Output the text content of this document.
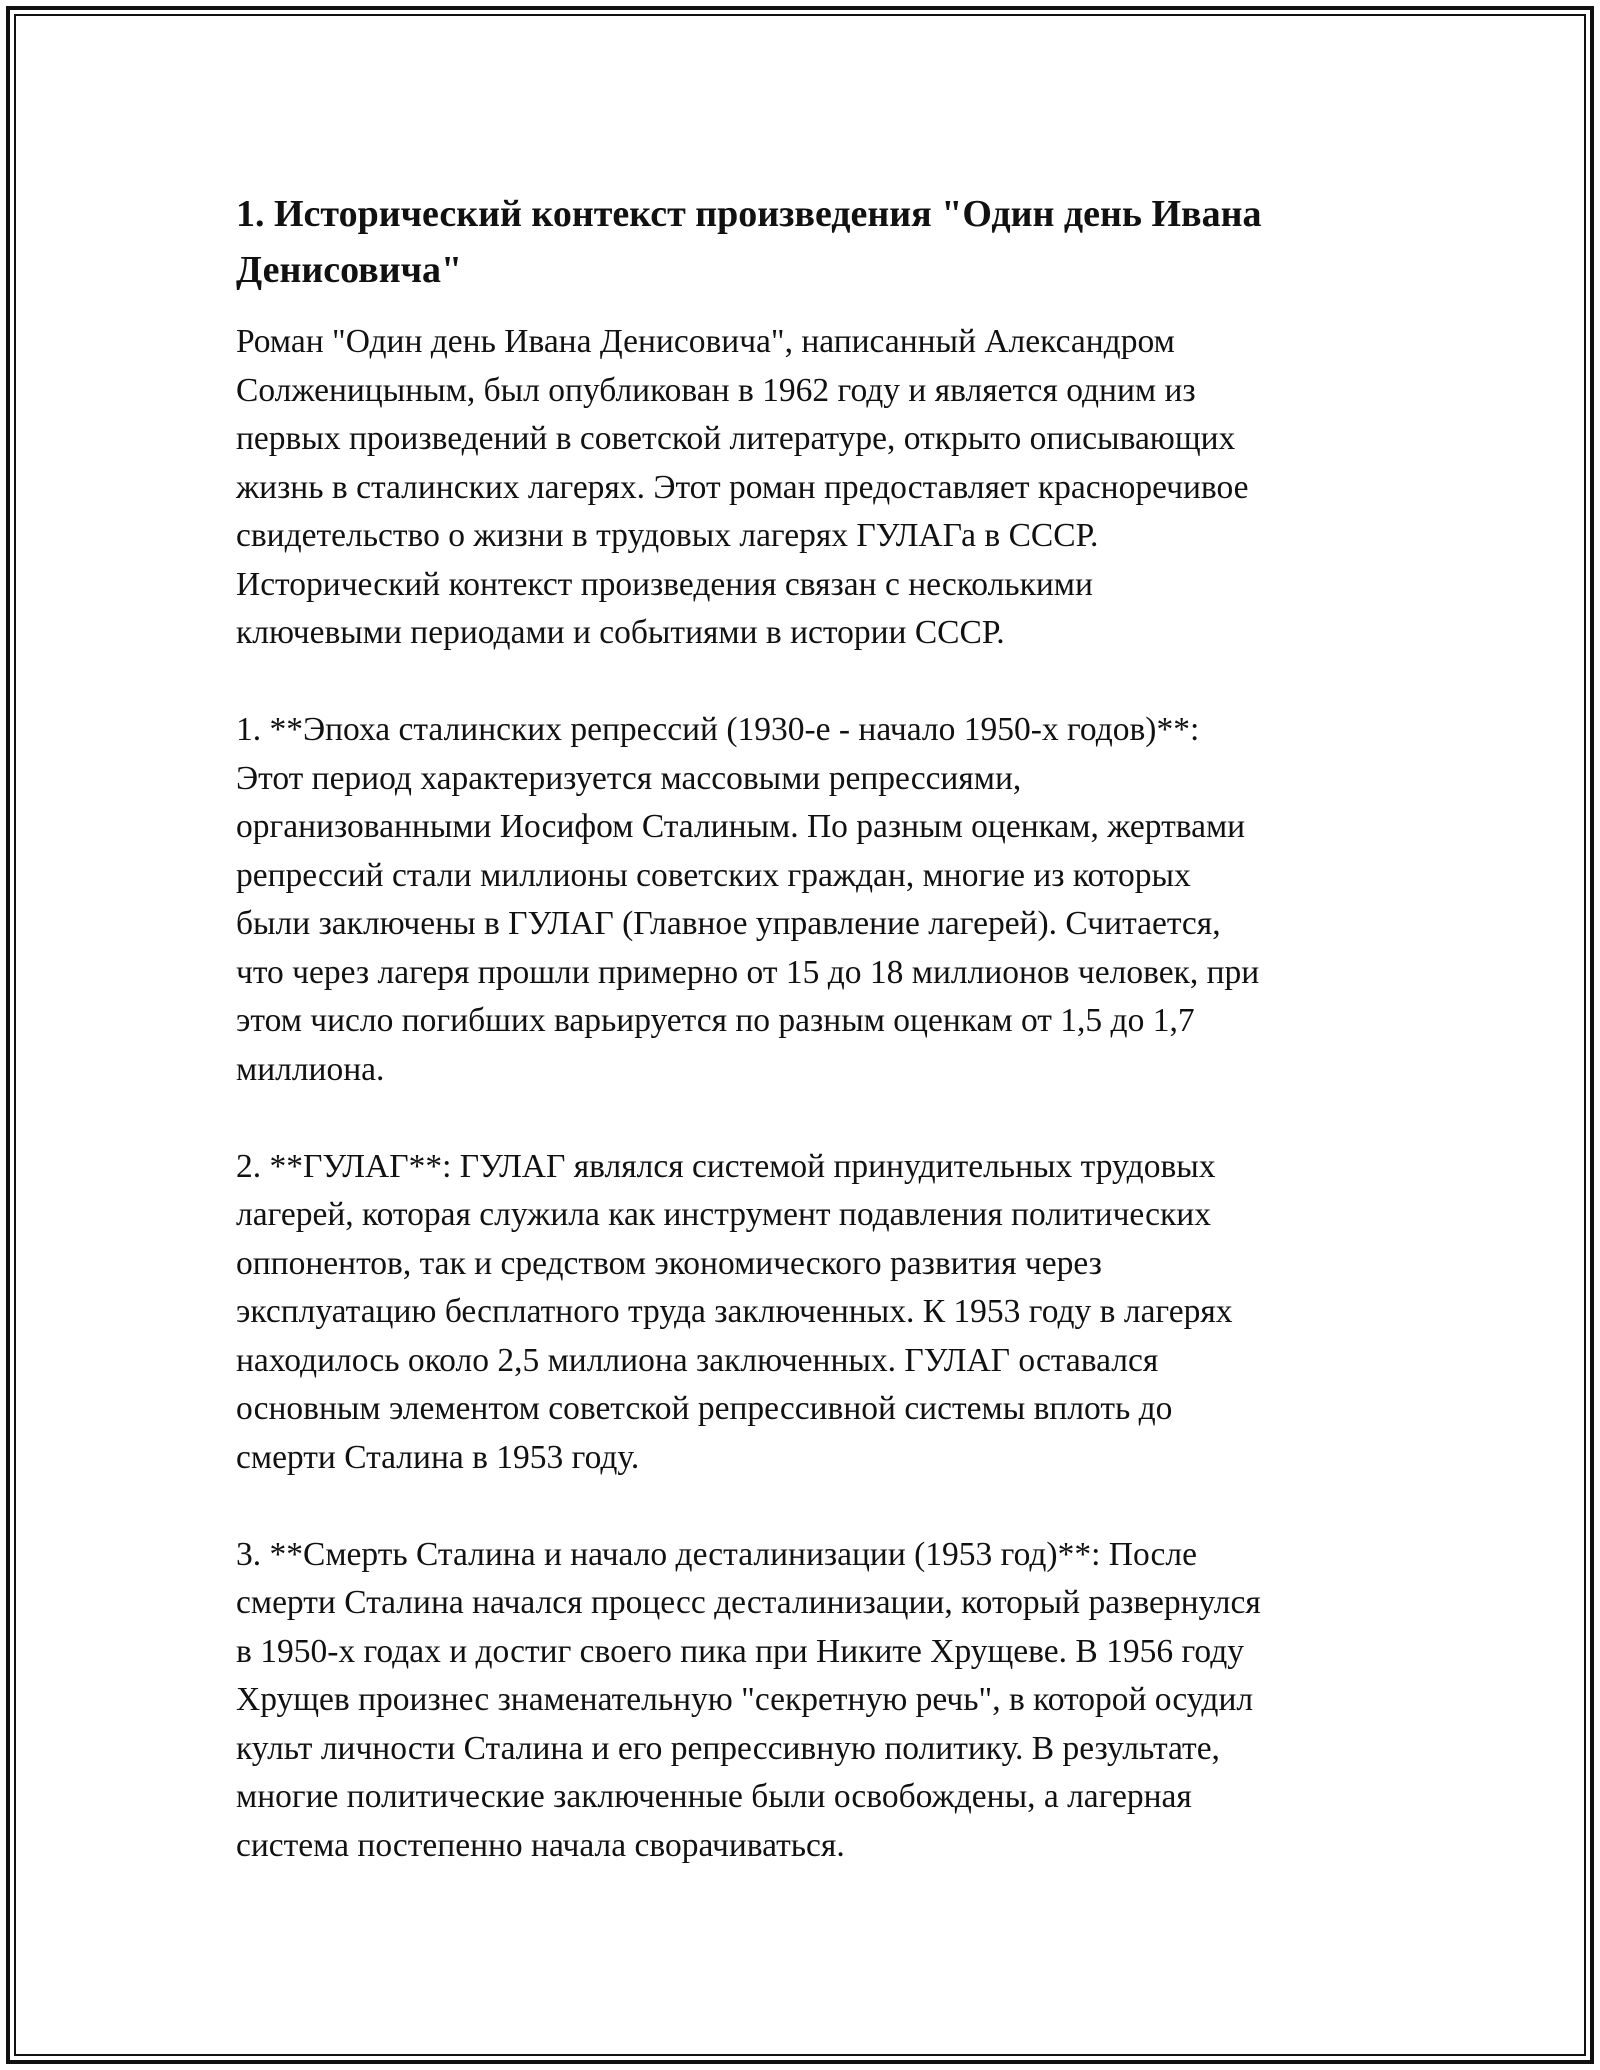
1. Исторический контекст произведения "Один день Ивана Денисовича"

Роман "Один день Ивана Денисовича", написанный Александром
Солженицыным, был опубликован в 1962 году и является одним из
первых произведений в советской литературе, открыто описывающих
жизнь в сталинских лагерях. Этот роман предоставляет красноречивое
свидетельство о жизни в трудовых лагерях ГУЛАГа в СССР.
Исторический контекст произведения связан с несколькими
ключевыми периодами и событиями в истории СССР.

1. **Эпоха сталинских репрессий (1930-е - начало 1950-х годов)**:
Этот период характеризуется массовыми репрессиями,
организованными Иосифом Сталиным. По разным оценкам, жертвами
репрессий стали миллионы советских граждан, многие из которых
были заключены в ГУЛАГ (Главное управление лагерей). Считается,
что через лагеря прошли примерно от 15 до 18 миллионов человек, при
этом число погибших варьируется по разным оценкам от 1,5 до 1,7
миллиона.

2. **ГУЛАГ**: ГУЛАГ являлся системой принудительных трудовых
лагерей, которая служила как инструмент подавления политических
оппонентов, так и средством экономического развития через
эксплуатацию бесплатного труда заключенных. К 1953 году в лагерях
находилось около 2,5 миллиона заключенных. ГУЛАГ оставался
основным элементом советской репрессивной системы вплоть до
смерти Сталина в 1953 году.

3. **Смерть Сталина и начало десталинизации (1953 год)**: После
смерти Сталина начался процесс десталинизации, который развернулся
в 1950-х годах и достиг своего пика при Никите Хрущеве. В 1956 году
Хрущев произнес знаменательную "секретную речь", в которой осудил
культ личности Сталина и его репрессивную политику. В результате,
многие политические заключенные были освобождены, а лагерная
система постепенно начала сворачиваться.
